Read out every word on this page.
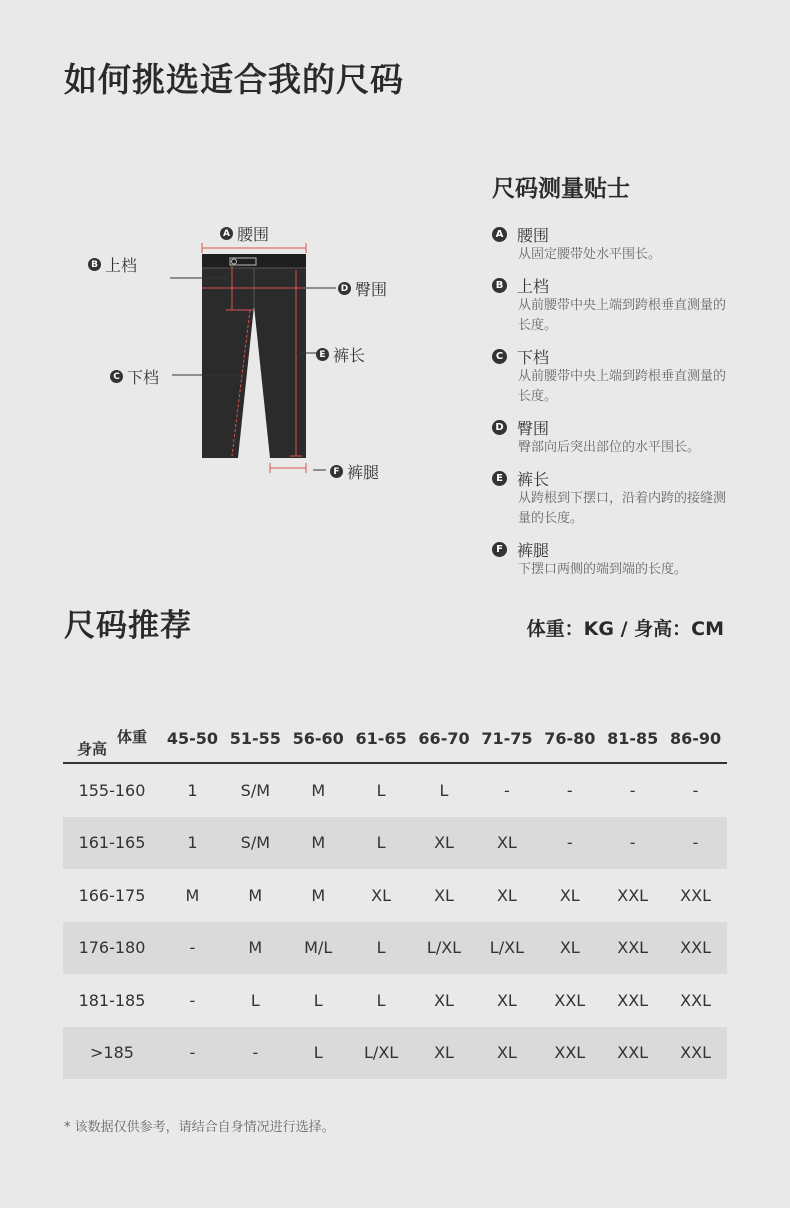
如何挑选适合我的尺码
A 腰围
B 上档
C 下档
D 臀围
E 裤长
F 裤腿
尺码测量贴士
A 腰围
从固定腰带处水平围长。
B 上档
从前腰带中央上端到跨根垂直测量的长度。
C 下档
从前腰带中央上端到跨根垂直测量的长度。
D 臀围
臀部向后突出部位的水平围长。
E 裤长
从跨根到下摆口，沿着内跨的接缝测量的长度。
F 裤腿
下摆口两侧的端到端的长度。
尺码推荐	体重：KG / 身高：CM
体重
身高	45-50	51-55	56-60	61-65	66-70	71-75	76-80	81-85	86-90
155-160	1	S/M	M	L	L	-	-	-	-
161-165	1	S/M	M	L	XL	XL	-	-	-
166-175	M	M	M	XL	XL	XL	XL	XXL	XXL
176-180	-	M	M/L	L	L/XL	L/XL	XL	XXL	XXL
181-185	-	L	L	L	XL	XL	XXL	XXL	XXL
>185	-	-	L	L/XL	XL	XL	XXL	XXL	XXL
* 该数据仅供参考，请结合自身情况进行选择。
